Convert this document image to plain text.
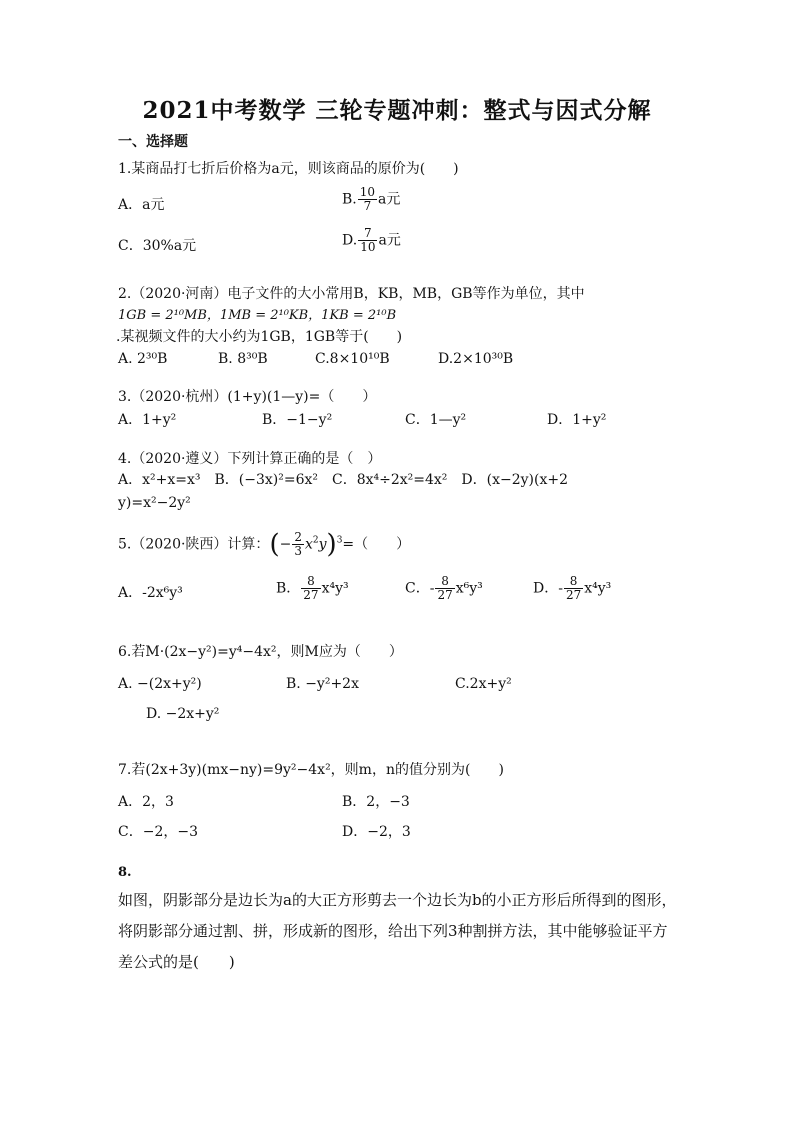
2021中考数学 三轮专题冲刺：整式与因式分解
一、选择题
1.某商品打七折后价格为a元，则该商品的原价为(　　)
A．a元	B. $\frac{10}{7}$ a元
C．30%a元	D. $\frac{7}{10}$ a元
2.（2020·河南）电子文件的大小常用B，KB，MB，GB等作为单位，其中
1GB = 2¹⁰MB，1MB = 2¹⁰KB，1KB = 2¹⁰B
.某视频文件的大小约为1GB，1GB等于(　　)
A. 2³⁰B	B. 8³⁰B	C.8×10¹⁰B	D.2×10³⁰B
3.（2020·杭州）(1+y)(1—y)=（　　）
A．1+y²	B．−1−y²	C．1—y²	D．1+y²
4.（2020·遵义）下列计算正确的是（　）
A．x²+x=x³　B．(−3x)²=6x²　C．8x⁴÷2x²=4x²　D．(x−2y)(x+2
y)=x²−2y²
5.（2020·陕西）计算：(− $\frac{2}{3} x^2y)^3=$（　　）
A．-2x⁶y³	B． $\frac{8}{27} x^4y^3$	C．- $\frac{8}{27} x^6y^3$	D．- $\frac{8}{27} x^4y^3$
6.若M·(2x−y²)=y⁴−4x²，则M应为（　　）
A. −(2x+y²)	B. −y²+2x	C.2x+y²
D. −2x+y²
7.若(2x+3y)(mx−ny)=9y²−4x²，则m，n的值分别为(　　)
A．2，3	B．2，−3
C．−2，−3	D．−2，3
8.
如图，阴影部分是边长为a的大正方形剪去一个边长为b的小正方形后所得到的图形，将阴影部分通过割、拼，形成新的图形，给出下列3种割拼方法，其中能够验证平方差公式的是(　　)
